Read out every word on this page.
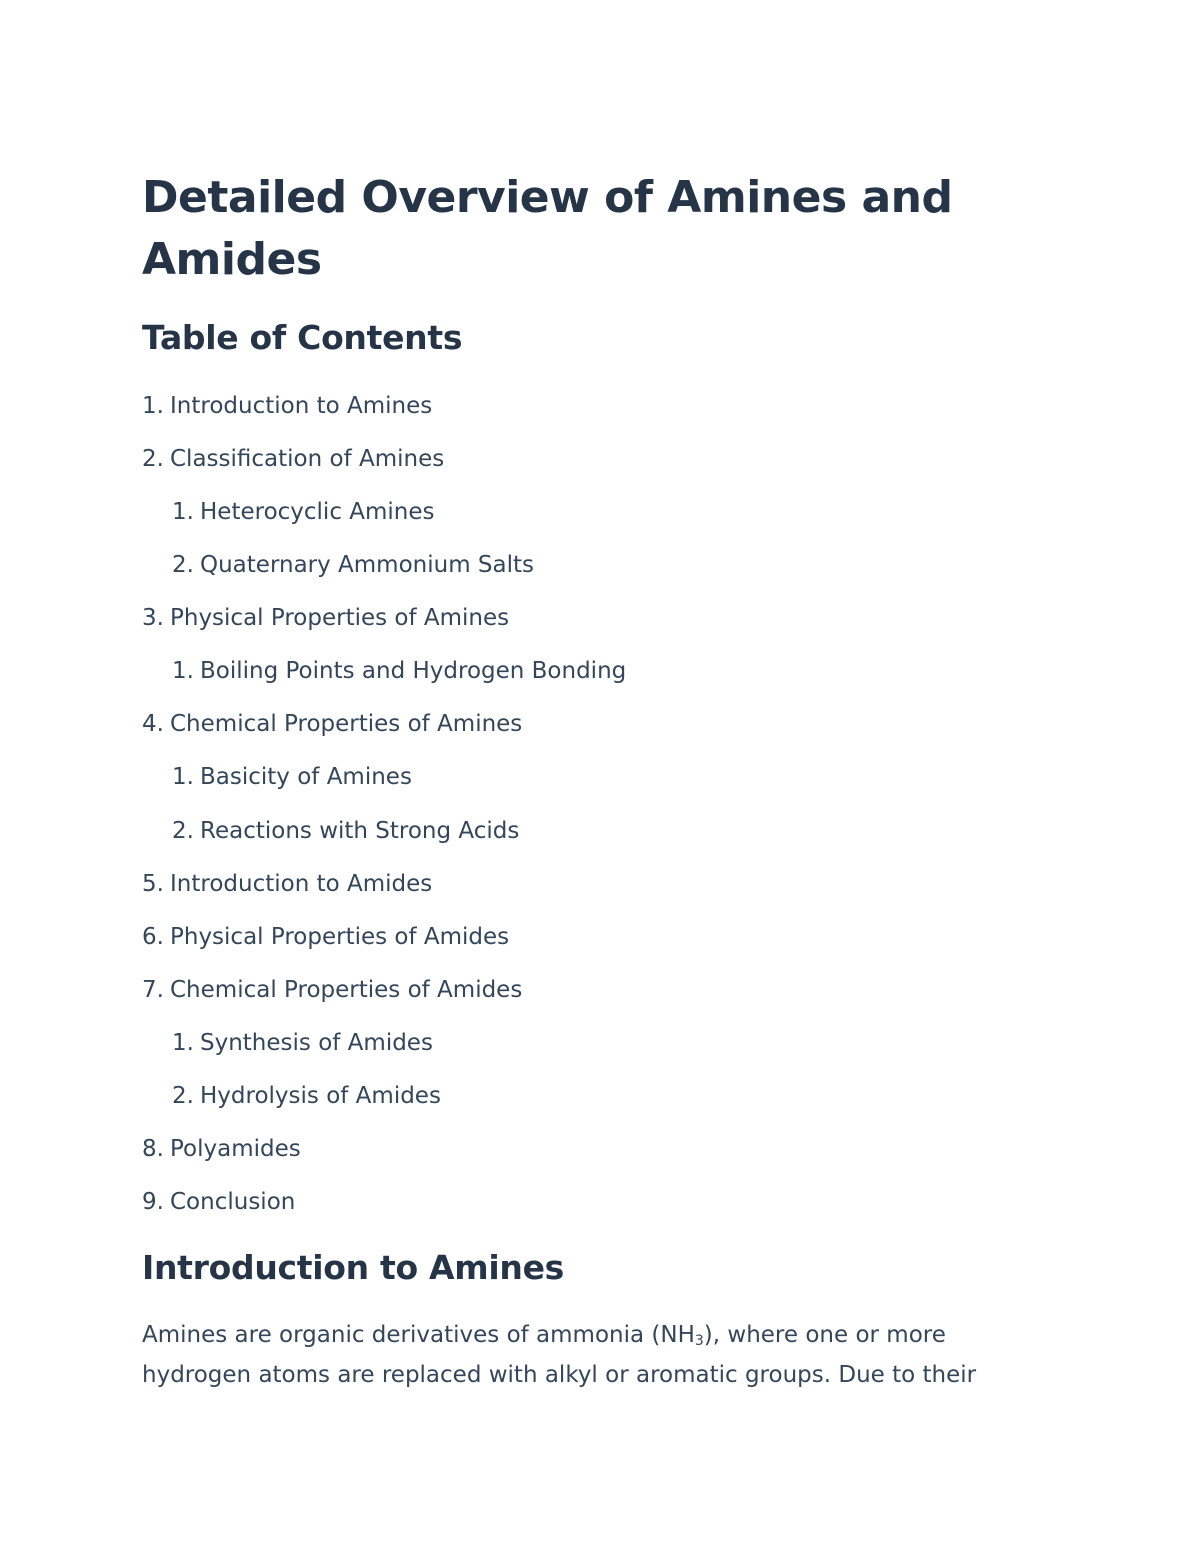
Detailed Overview of Amines and Amides
Table of Contents
1. Introduction to Amines
2. Classification of Amines
1. Heterocyclic Amines
2. Quaternary Ammonium Salts
3. Physical Properties of Amines
1. Boiling Points and Hydrogen Bonding
4. Chemical Properties of Amines
1. Basicity of Amines
2. Reactions with Strong Acids
5. Introduction to Amides
6. Physical Properties of Amides
7. Chemical Properties of Amides
1. Synthesis of Amides
2. Hydrolysis of Amides
8. Polyamides
9. Conclusion
Introduction to Amines

Amines are organic derivatives of ammonia $(NH_3)$, where one or more hydrogen atoms are replaced with alkyl or aromatic groups. Due to their
